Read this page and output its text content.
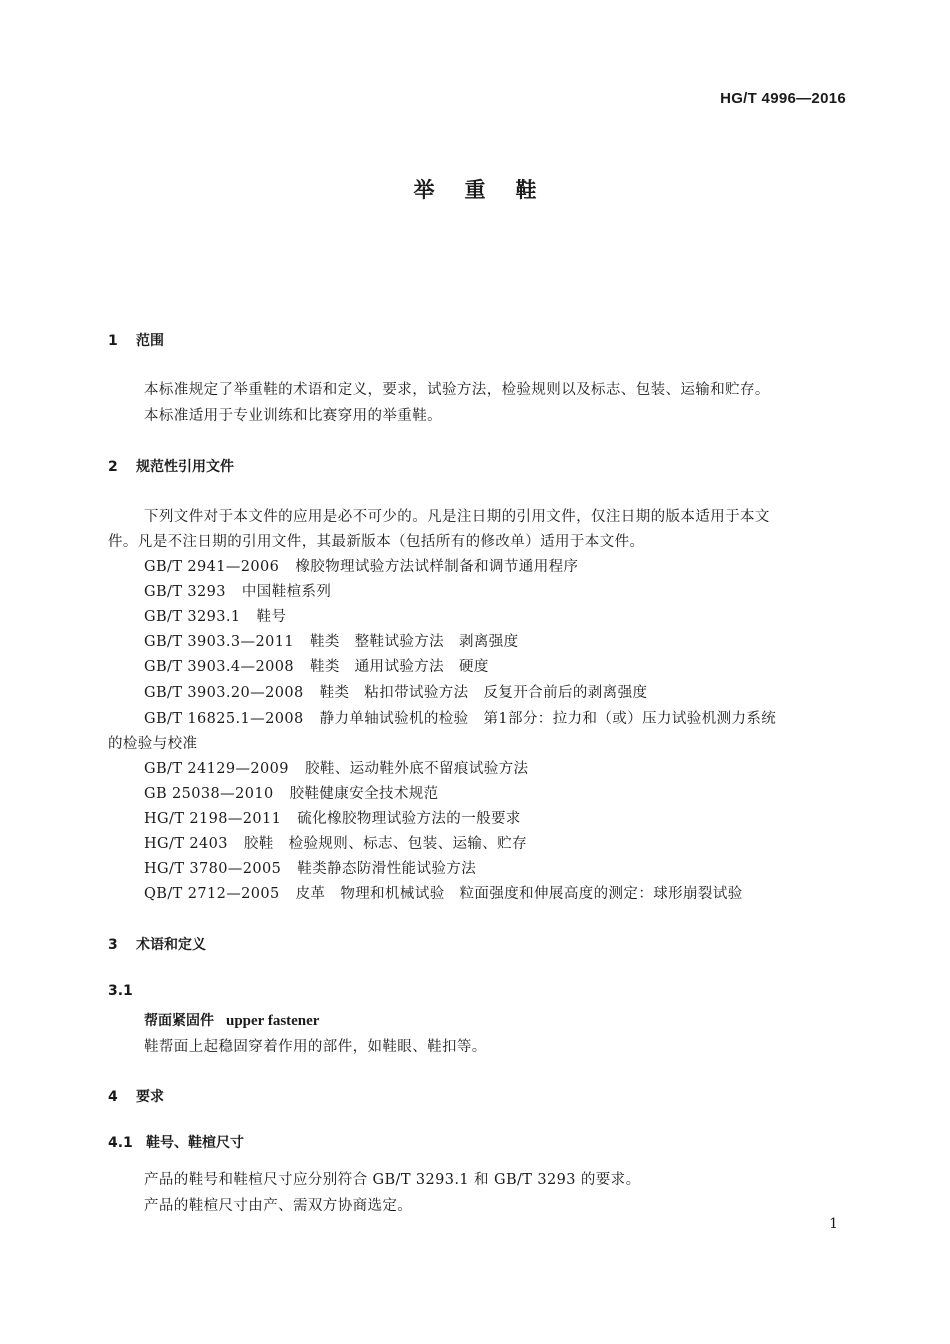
HG/T 4996—2016
举重鞋
1 范围
本标准规定了举重鞋的术语和定义，要求，试验方法，检验规则以及标志、包装、运输和贮存。
本标准适用于专业训练和比赛穿用的举重鞋。
2 规范性引用文件
下列文件对于本文件的应用是必不可少的。凡是注日期的引用文件，仅注日期的版本适用于本文
件。凡是不注日期的引用文件，其最新版本（包括所有的修改单）适用于本文件。
GB/T 2941—2006 橡胶物理试验方法试样制备和调节通用程序
GB/T 3293 中国鞋楦系列
GB/T 3293.1 鞋号
GB/T 3903.3—2011 鞋类　整鞋试验方法　剥离强度
GB/T 3903.4—2008 鞋类　通用试验方法　硬度
GB/T 3903.20—2008 鞋类　粘扣带试验方法　反复开合前后的剥离强度
GB/T 16825.1—2008 静力单轴试验机的检验　第1部分：拉力和（或）压力试验机测力系统
的检验与校准
GB/T 24129—2009 胶鞋、运动鞋外底不留痕试验方法
GB 25038—2010 胶鞋健康安全技术规范
HG/T 2198—2011 硫化橡胶物理试验方法的一般要求
HG/T 2403 胶鞋　检验规则、标志、包装、运输、贮存
HG/T 3780—2005 鞋类静态防滑性能试验方法
QB/T 2712—2005 皮革　物理和机械试验　粒面强度和伸展高度的测定：球形崩裂试验
3 术语和定义
3.1
帮面紧固件 upper fastener
鞋帮面上起稳固穿着作用的部件，如鞋眼、鞋扣等。
4 要求
4.1 鞋号、鞋楦尺寸
产品的鞋号和鞋楦尺寸应分别符合 GB/T 3293.1 和 GB/T 3293 的要求。
产品的鞋楦尺寸由产、需双方协商选定。
1
